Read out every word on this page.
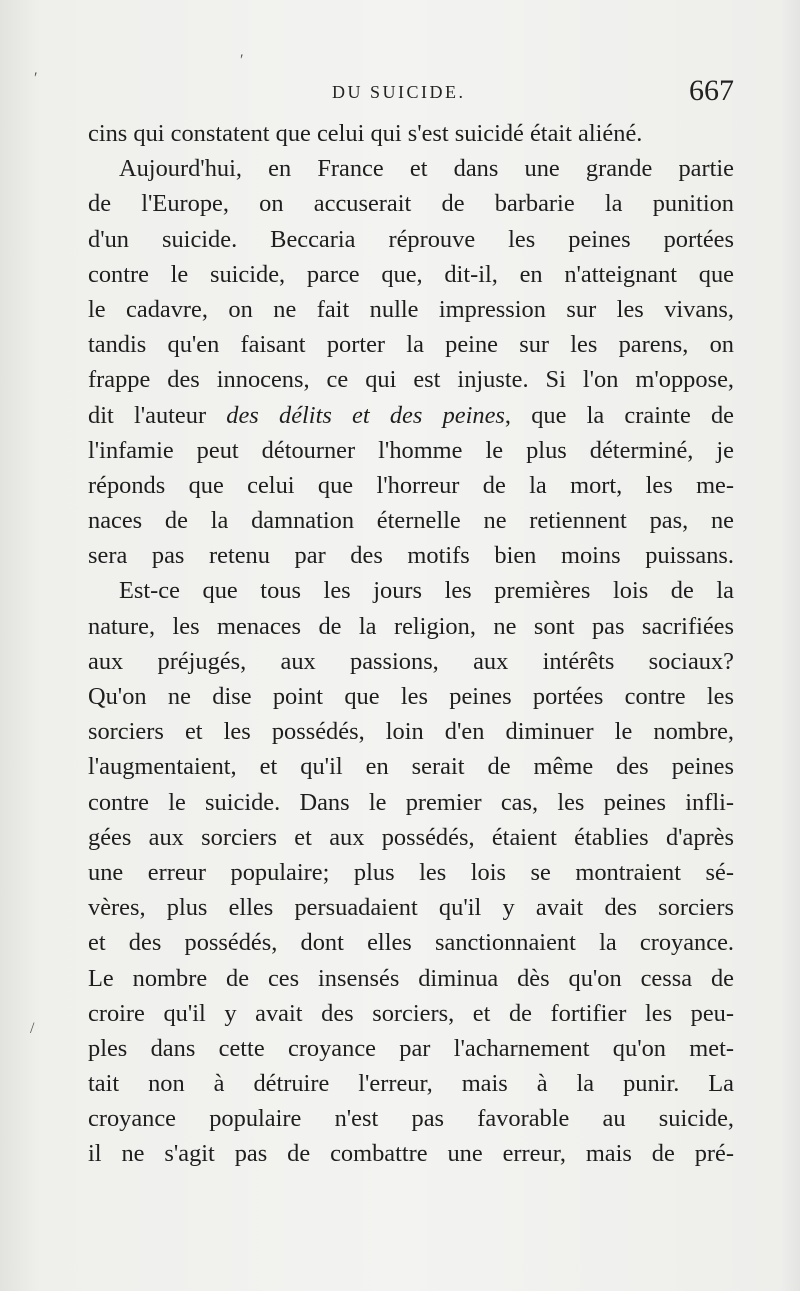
DU SUICIDE.	667
cins qui constatent que celui qui s'est suicidé était aliéné.
Aujourd'hui, en France et dans une grande partie
de l'Europe, on accuserait de barbarie la punition
d'un suicide. Beccaria réprouve les peines portées
contre le suicide, parce que, dit-il, en n'atteignant que
le cadavre, on ne fait nulle impression sur les vivans,
tandis qu'en faisant porter la peine sur les parens, on
frappe des innocens, ce qui est injuste. Si l'on m'oppose,
dit l'auteur des délits et des peines, que la crainte de
l'infamie peut détourner l'homme le plus déterminé, je
réponds que celui que l'horreur de la mort, les me-
naces de la damnation éternelle ne retiennent pas, ne
sera pas retenu par des motifs bien moins puissans.
Est-ce que tous les jours les premières lois de la
nature, les menaces de la religion, ne sont pas sacrifiées
aux préjugés, aux passions, aux intérêts sociaux?
Qu'on ne dise point que les peines portées contre les
sorciers et les possédés, loin d'en diminuer le nombre,
l'augmentaient, et qu'il en serait de même des peines
contre le suicide. Dans le premier cas, les peines infli-
gées aux sorciers et aux possédés, étaient établies d'après
une erreur populaire; plus les lois se montraient sé-
vères, plus elles persuadaient qu'il y avait des sorciers
et des possédés, dont elles sanctionnaient la croyance.
Le nombre de ces insensés diminua dès qu'on cessa de
croire qu'il y avait des sorciers, et de fortifier les peu-
ples dans cette croyance par l'acharnement qu'on met-
tait non à détruire l'erreur, mais à la punir. La
croyance populaire n'est pas favorable au suicide,
il ne s'agit pas de combattre une erreur, mais de pré-
′
′
/
